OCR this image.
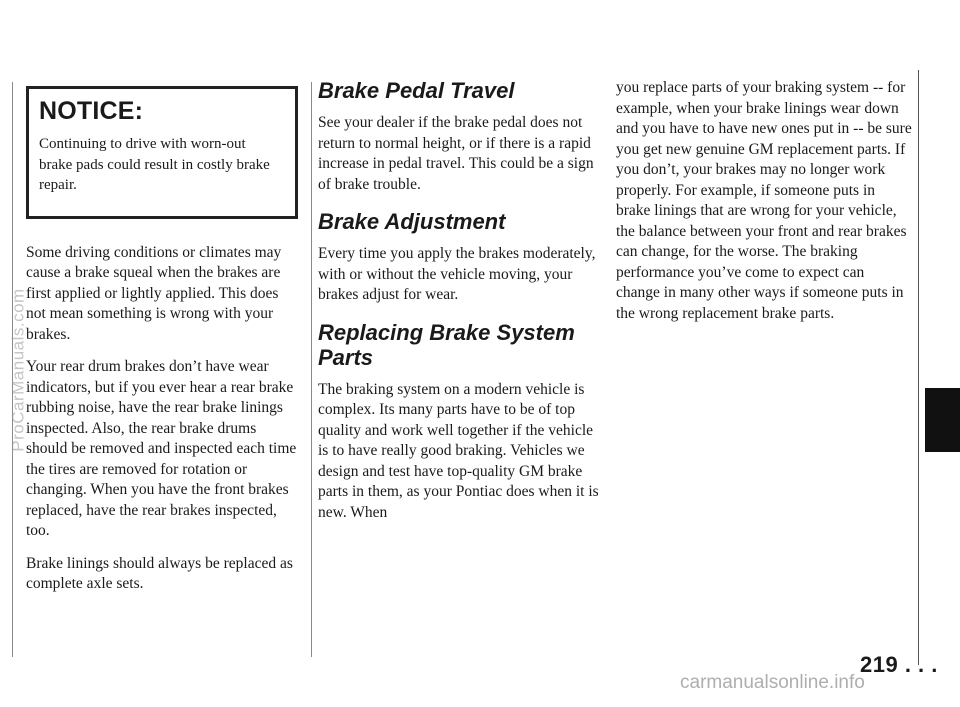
NOTICE:

Continuing to drive with worn-out brake pads could result in costly brake repair.

Some driving conditions or climates may cause a brake squeal when the brakes are first applied or lightly applied. This does not mean something is wrong with your brakes.

Your rear drum brakes don’t have wear indicators, but if you ever hear a rear brake rubbing noise, have the rear brake linings inspected. Also, the rear brake drums should be removed and inspected each time the tires are removed for rotation or changing. When you have the front brakes replaced, have the rear brakes inspected, too.

Brake linings should always be replaced as complete axle sets.

Brake Pedal Travel

See your dealer if the brake pedal does not return to normal height, or if there is a rapid increase in pedal travel. This could be a sign of brake trouble.

Brake Adjustment

Every time you apply the brakes moderately, with or without the vehicle moving, your brakes adjust for wear.

Replacing Brake System Parts

The braking system on a modern vehicle is complex. Its many parts have to be of top quality and work well together if the vehicle is to have really good braking. Vehicles we design and test have top-quality GM brake parts in them, as your Pontiac does when it is new. When

you replace parts of your braking system -- for example, when your brake linings wear down and you have to have new ones put in -- be sure you get new genuine GM replacement parts. If you don’t, your brakes may no longer work properly. For example, if someone puts in brake linings that are wrong for your vehicle, the balance between your front and rear brakes can change, for the worse. The braking performance you’ve come to expect can change in many other ways if someone puts in the wrong replacement brake parts.

219 . . .
ProCarManuals.com
carmanualsonline.info
